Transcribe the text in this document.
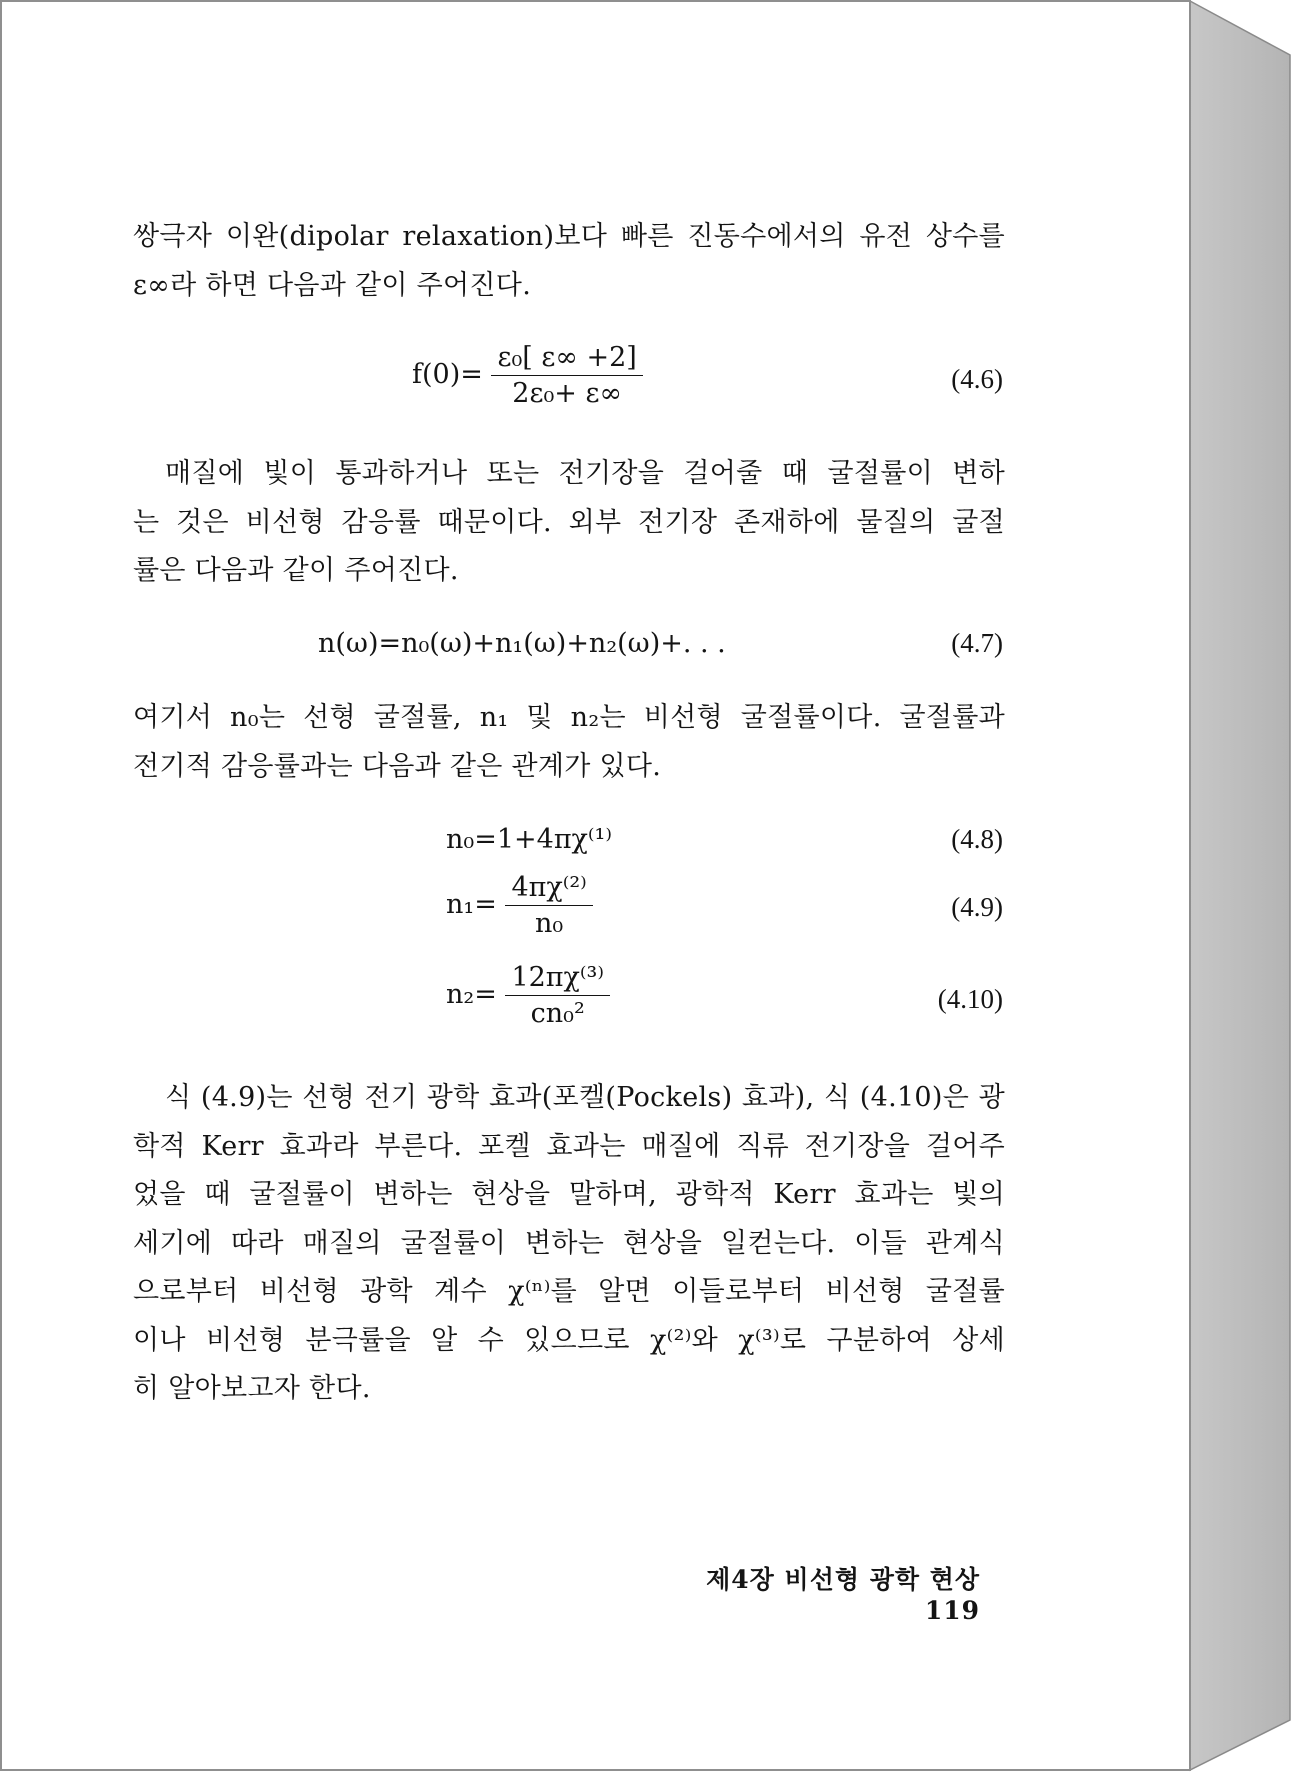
쌍극자 이완(dipolar relaxation)보다 빠른 진동수에서의 유전 상수를
ε∞라 하면 다음과 같이 주어진다.
$f(0)= \frac{\text{ε₀[ ε∞ +2]}}{\text{2ε₀+ ε∞}}$	(4.6)
매질에 빛이 통과하거나 또는 전기장을 걸어줄 때 굴절률이 변하
는 것은 비선형 감응률 때문이다. 외부 전기장 존재하에 물질의 굴절
률은 다음과 같이 주어진다.
n(ω)=n₀(ω)+n₁(ω)+n₂(ω)+. . .	(4.7)
여기서 n₀는 선형 굴절률, n₁ 및 n₂는 비선형 굴절률이다. 굴절률과
전기적 감응률과는 다음과 같은 관계가 있다.
n₀=1+4πχ⁽¹⁾	(4.8)
$n_1= \frac{\text{4πχ⁽²⁾}}{\text{n₀}}$	(4.9)
$n_2= \frac{\text{12πχ⁽³⁾}}{\text{cn₀²}}$	(4.10)
식 (4.9)는 선형 전기 광학 효과(포켈(Pockels) 효과), 식 (4.10)은 광
학적 Kerr 효과라 부른다. 포켈 효과는 매질에 직류 전기장을 걸어주
었을 때 굴절률이 변하는 현상을 말하며, 광학적 Kerr 효과는 빛의
세기에 따라 매질의 굴절률이 변하는 현상을 일컫는다. 이들 관계식
으로부터 비선형 광학 계수 χ⁽ⁿ⁾를 알면 이들로부터 비선형 굴절률
이나 비선형 분극률을 알 수 있으므로 χ⁽²⁾와 χ⁽³⁾로 구분하여 상세
히 알아보고자 한다.
제4장 비선형 광학 현상 119
